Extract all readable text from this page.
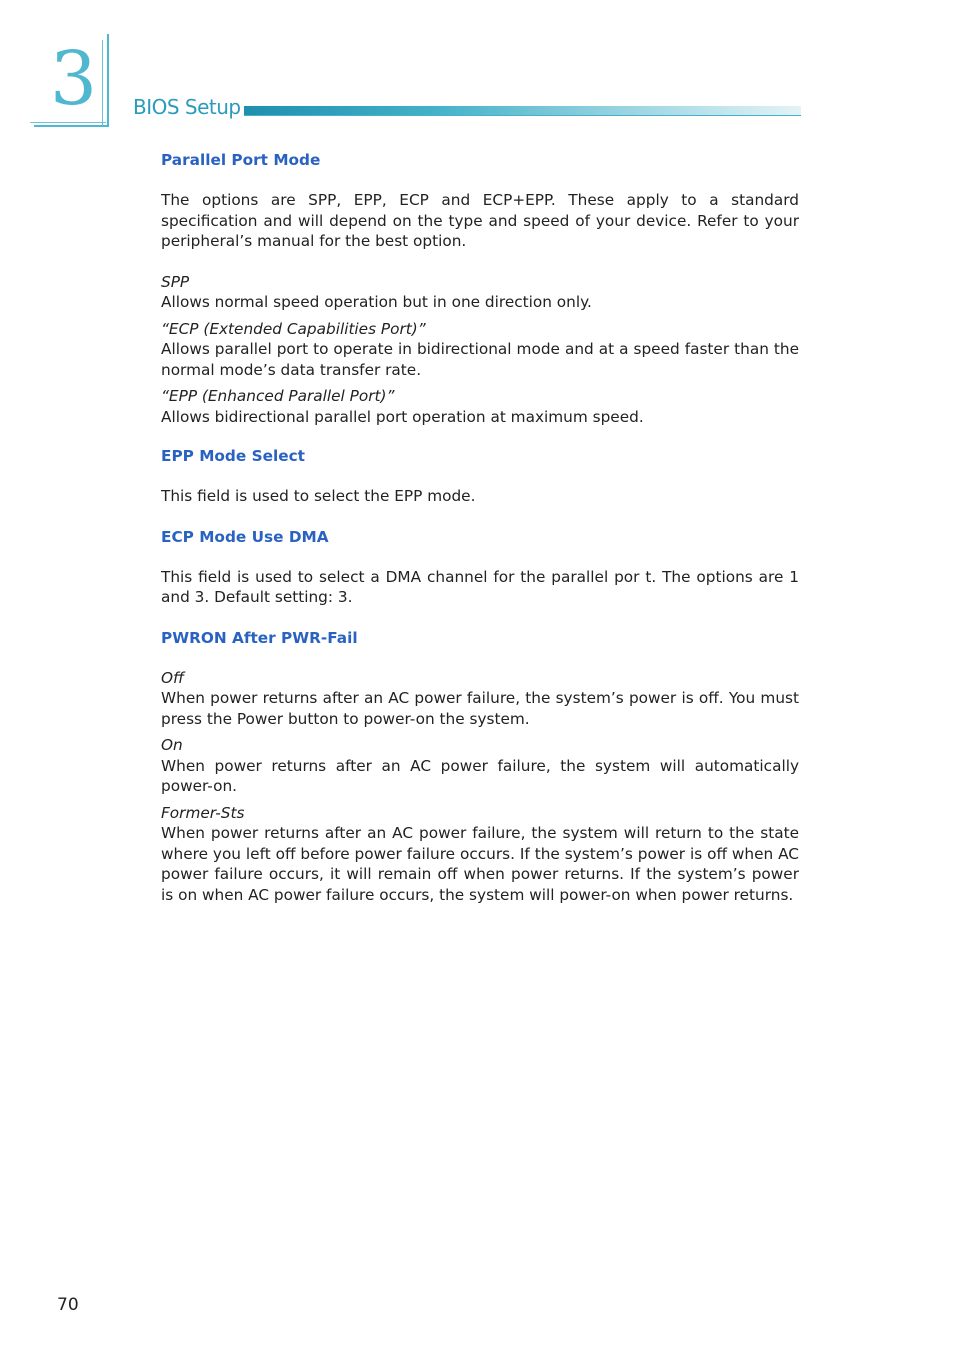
3 BIOS Setup
Parallel Port Mode

The options are SPP, EPP, ECP and ECP+EPP. These apply to a standard specification and will depend on the type and speed of your device. Refer to your peripheral’s manual for the best option.

SPP

Allows normal speed operation but in one direction only.

“ECP (Extended Capabilities Port)”

Allows parallel port to operate in bidirectional mode and at a speed faster than the normal mode’s data transfer rate.

“EPP (Enhanced Parallel Port)”

Allows bidirectional parallel port operation at maximum speed.

EPP Mode Select

This field is used to select the EPP mode.

ECP Mode Use DMA

This field is used to select a DMA channel for the parallel por t. The options are 1 and 3. Default setting: 3.

PWRON After PWR-Fail

Off

When power returns after an AC power failure, the system’s power is off. You must press the Power button to power-on the system.

On

When power returns after an AC power failure, the system will automatically power-on.

Former-Sts

When power returns after an AC power failure, the system will return to the state where you left off before power failure occurs. If the system’s power is off when AC power failure occurs, it will remain off when power returns. If the system’s power is on when AC power failure occurs, the system will power-on when power returns.

70
